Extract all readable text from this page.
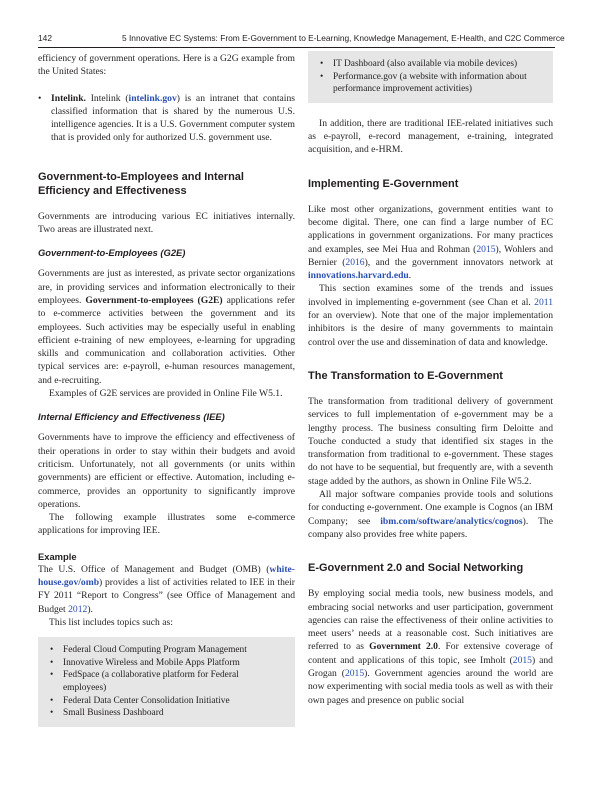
142	5 Innovative EC Systems: From E-Government to E-Learning, Knowledge Management, E-Health, and C2C Commerce

efficiency of government operations. Here is a G2G example from the United States:

• Intelink. Intelink (intelink.gov) is an intranet that contains classified information that is shared by the numerous U.S. intelligence agencies. It is a U.S. Government computer system that is provided only for authorized U.S. government use.
Government-to-Employees and Internal Efficiency and Effectiveness

Governments are introducing various EC initiatives internally. Two areas are illustrated next.

Government-to-Employees (G2E)

Governments are just as interested, as private sector organizations are, in providing services and information electronically to their employees. Government-to-employees (G2E) applications refer to e-commerce activities between the government and its employees. Such activities may be especially useful in enabling efficient e-training of new employees, e-learning for upgrading skills and communication and collaboration activities. Other typical services are: e-payroll, e-human resources management, and e-recruiting.

Examples of G2E services are provided in Online File W5.1.

Internal Efficiency and Effectiveness (IEE)

Governments have to improve the efficiency and effectiveness of their operations in order to stay within their budgets and avoid criticism. Unfortunately, not all governments (or units within governments) are efficient or effective. Automation, including e-commerce, provides an opportunity to significantly improve operations.

The following example illustrates some e-commerce applications for improving IEE.

Example

The U.S. Office of Management and Budget (OMB) (white-house.gov/omb) provides a list of activities related to IEE in their FY 2011 “Report to Congress” (see Office of Management and Budget 2012).

This list includes topics such as:

• Federal Cloud Computing Program Management
• Innovative Wireless and Mobile Apps Platform
• FedSpace (a collaborative platform for Federal employees)
• Federal Data Center Consolidation Initiative
• Small Business Dashboard
• IT Dashboard (also available via mobile devices)
• Performance.gov (a website with information about performance improvement activities)

In addition, there are traditional IEE-related initiatives such as e-payroll, e-record management, e-training, integrated acquisition, and e-HRM.

Implementing E-Government

Like most other organizations, government entities want to become digital. There, one can find a large number of EC applications in government organizations. For many practices and examples, see Mei Hua and Rohman (2015), Wohlers and Bernier (2016), and the government innovators network at innovations.harvard.edu.

This section examines some of the trends and issues involved in implementing e-government (see Chan et al. 2011 for an overview). Note that one of the major implementation inhibitors is the desire of many governments to maintain control over the use and dissemination of data and knowledge.

The Transformation to E-Government

The transformation from traditional delivery of government services to full implementation of e-government may be a lengthy process. The business consulting firm Deloitte and Touche conducted a study that identified six stages in the transformation from traditional to e-government. These stages do not have to be sequential, but frequently are, with a seventh stage added by the authors, as shown in Online File W5.2.

All major software companies provide tools and solutions for conducting e-government. One example is Cognos (an IBM Company; see ibm.com/software/analytics/cognos). The company also provides free white papers.

E-Government 2.0 and Social Networking

By employing social media tools, new business models, and embracing social networks and user participation, government agencies can raise the effectiveness of their online activities to meet users’ needs at a reasonable cost. Such initiatives are referred to as Government 2.0. For extensive coverage of content and applications of this topic, see Imholt (2015) and Grogan (2015). Government agencies around the world are now experimenting with social media tools as well as with their own pages and presence on public social
